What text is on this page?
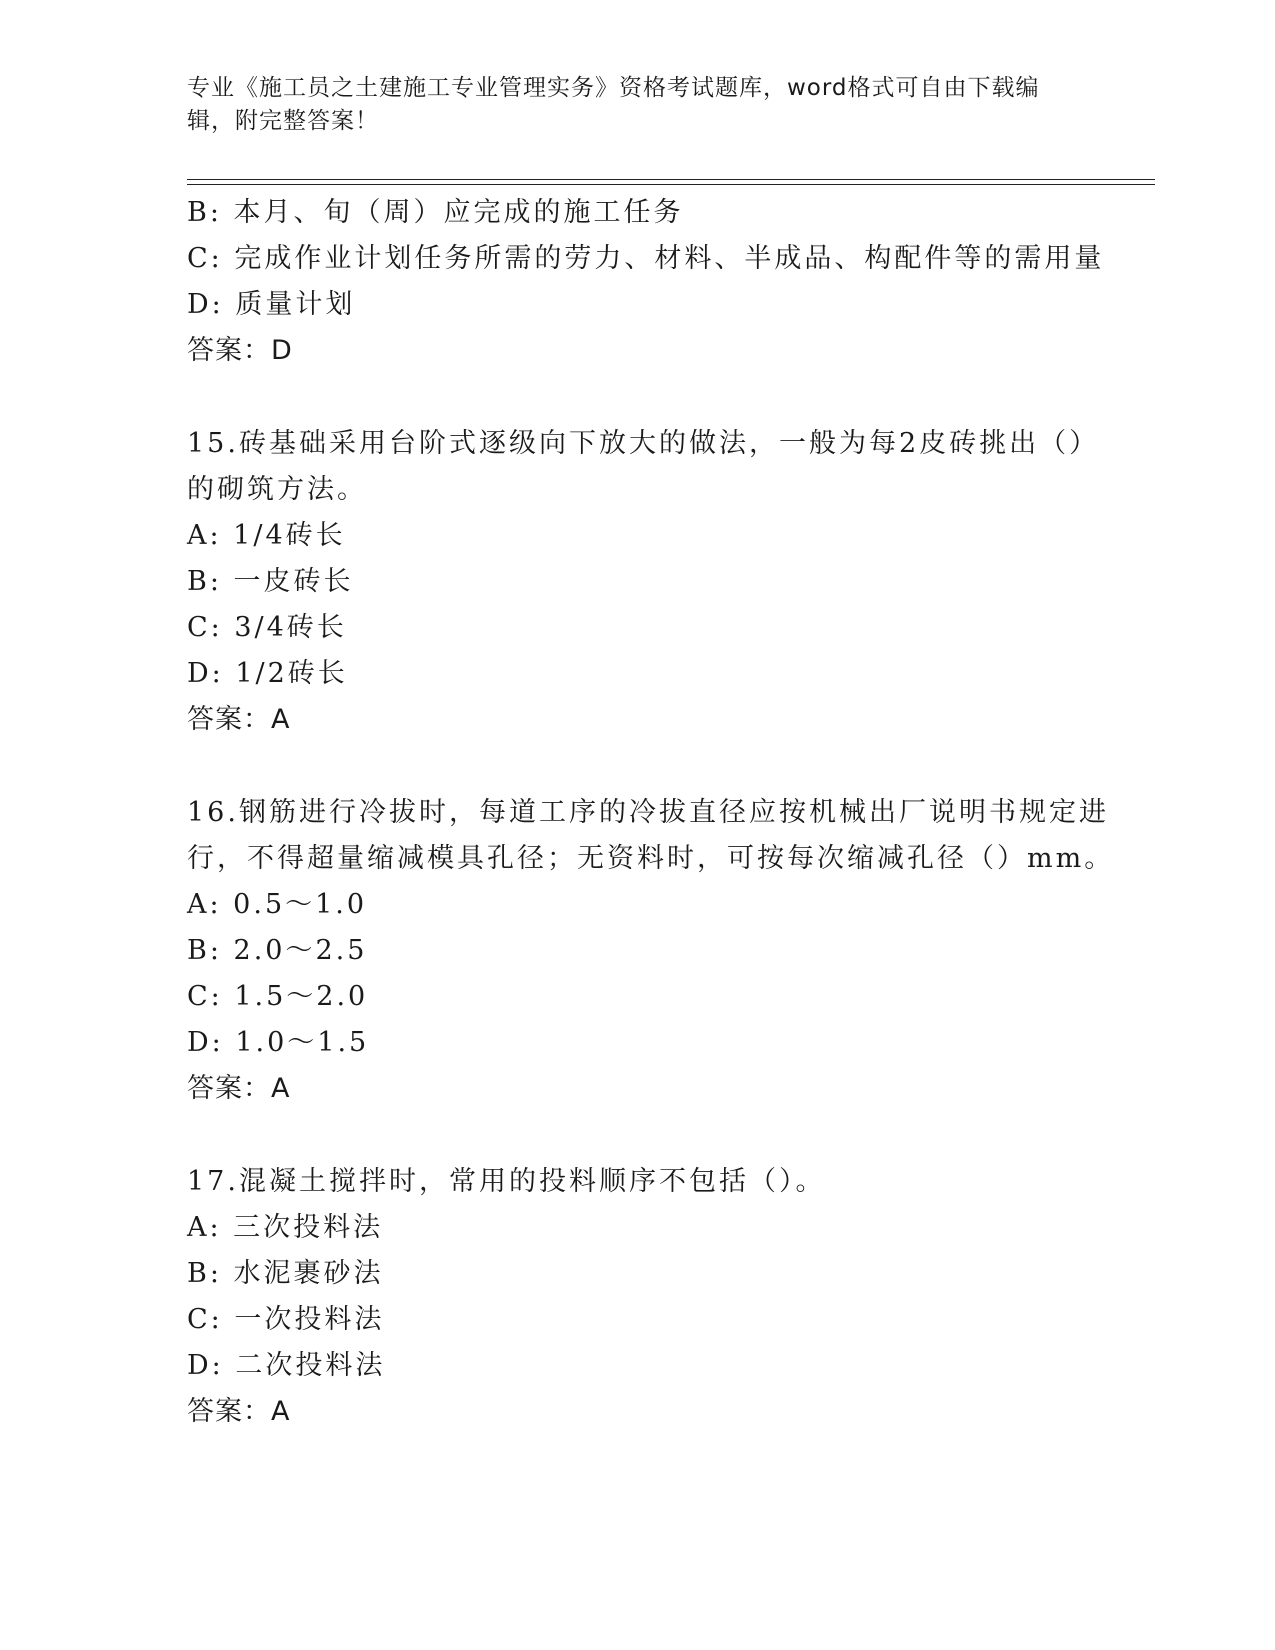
专业《施工员之土建施工专业管理实务》资格考试题库，word格式可自由下载编
辑，附完整答案！
B: 本月、旬（周）应完成的施工任务
C: 完成作业计划任务所需的劳力、材料、半成品、构配件等的需用量
D: 质量计划
答案：D
15.砖基础采用台阶式逐级向下放大的做法，一般为每2皮砖挑出（）
的砌筑方法。
A: 1/4砖长
B: 一皮砖长
C: 3/4砖长
D: 1/2砖长
答案：A
16.钢筋进行冷拔时，每道工序的冷拔直径应按机械出厂说明书规定进
行，不得超量缩减模具孔径；无资料时，可按每次缩减孔径（）mm。
A: 0.5～1.0
B: 2.0～2.5
C: 1.5～2.0
D: 1.0～1.5
答案：A
17.混凝土搅拌时，常用的投料顺序不包括（）。
A: 三次投料法
B: 水泥裹砂法
C: 一次投料法
D: 二次投料法
答案：A
